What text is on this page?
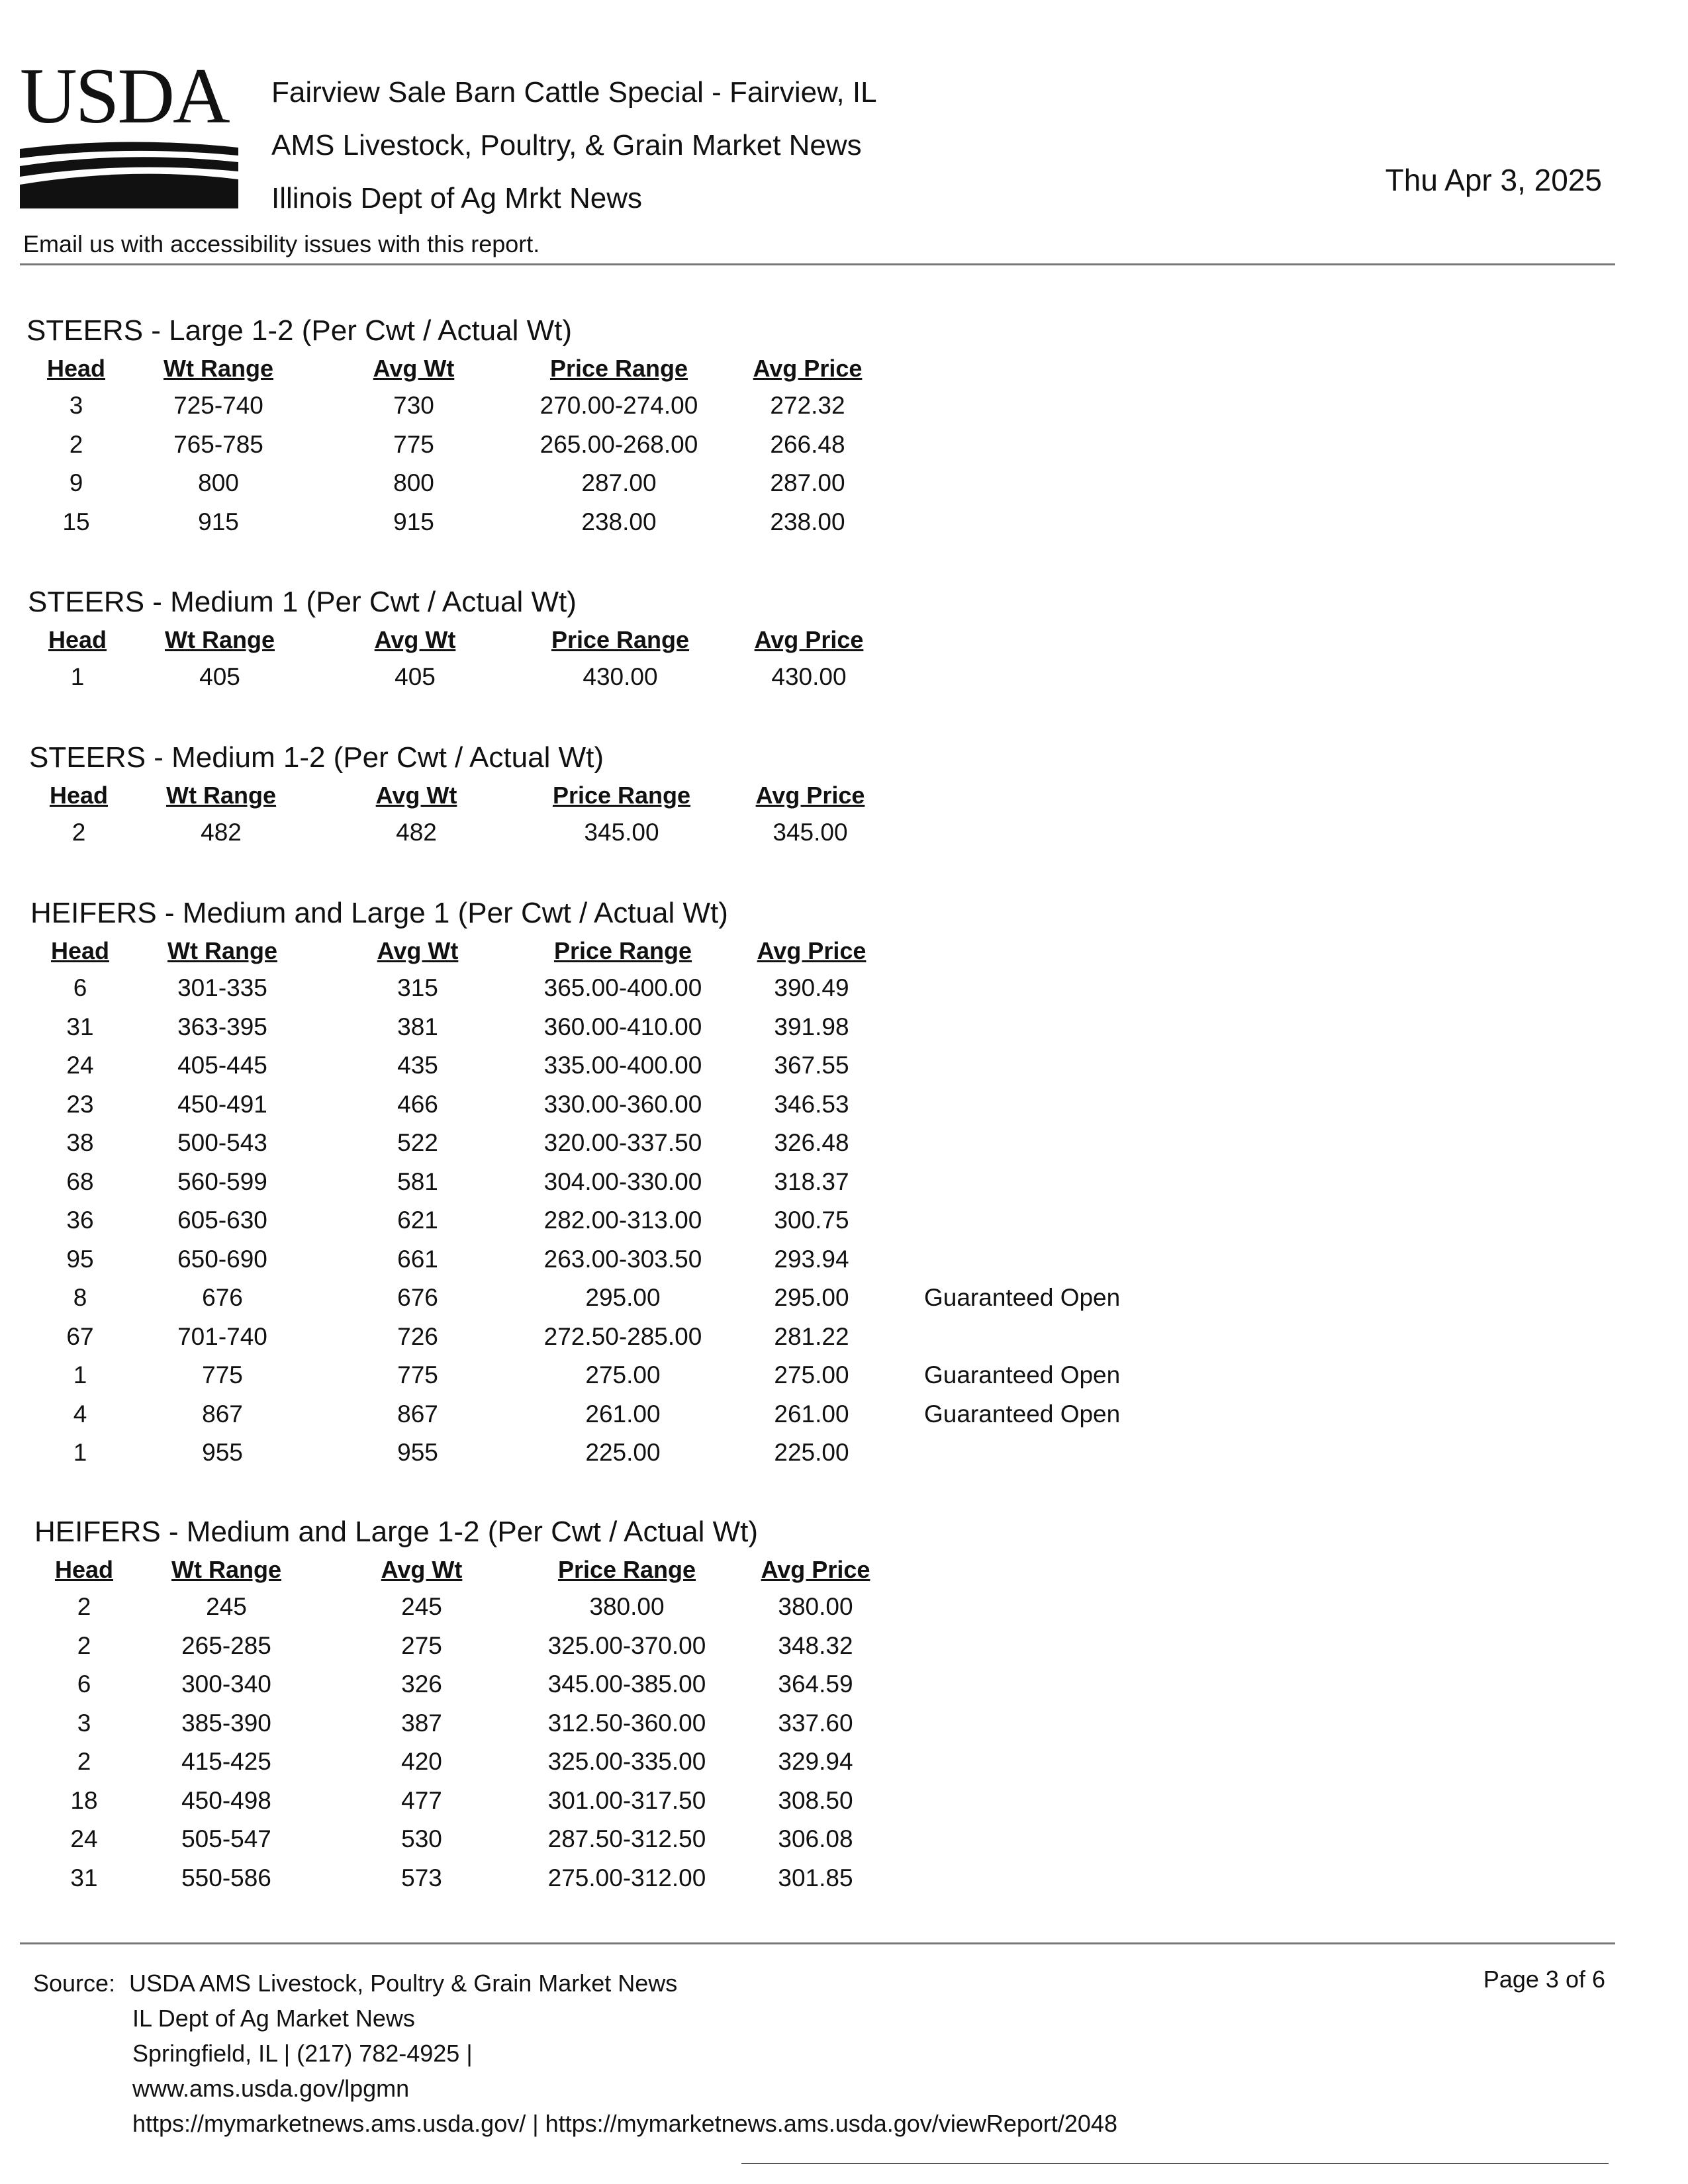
USDA Fairview Sale Barn Cattle Special - Fairview, IL
AMS Livestock, Poultry, & Grain Market News
Illinois Dept of Ag Mrkt News
Thu Apr 3, 2025
Email us with accessibility issues with this report.
STEERS - Large 1-2 (Per Cwt / Actual Wt)
Head	Wt Range	Avg Wt	Price Range	Avg Price
3	725-740	730	270.00-274.00	272.32
2	765-785	775	265.00-268.00	266.48
9	800	800	287.00	287.00
15	915	915	238.00	238.00
STEERS - Medium 1 (Per Cwt / Actual Wt)
Head	Wt Range	Avg Wt	Price Range	Avg Price
1	405	405	430.00	430.00
STEERS - Medium 1-2 (Per Cwt / Actual Wt)
Head	Wt Range	Avg Wt	Price Range	Avg Price
2	482	482	345.00	345.00
HEIFERS - Medium and Large 1 (Per Cwt / Actual Wt)
Head	Wt Range	Avg Wt	Price Range	Avg Price
6	301-335	315	365.00-400.00	390.49
31	363-395	381	360.00-410.00	391.98
24	405-445	435	335.00-400.00	367.55
23	450-491	466	330.00-360.00	346.53
38	500-543	522	320.00-337.50	326.48
68	560-599	581	304.00-330.00	318.37
36	605-630	621	282.00-313.00	300.75
95	650-690	661	263.00-303.50	293.94
8	676	676	295.00	295.00	Guaranteed Open
67	701-740	726	272.50-285.00	281.22
1	775	775	275.00	275.00	Guaranteed Open
4	867	867	261.00	261.00	Guaranteed Open
1	955	955	225.00	225.00
HEIFERS - Medium and Large 1-2 (Per Cwt / Actual Wt)
Head	Wt Range	Avg Wt	Price Range	Avg Price
2	245	245	380.00	380.00
2	265-285	275	325.00-370.00	348.32
6	300-340	326	345.00-385.00	364.59
3	385-390	387	312.50-360.00	337.60
2	415-425	420	325.00-335.00	329.94
18	450-498	477	301.00-317.50	308.50
24	505-547	530	287.50-312.50	306.08
31	550-586	573	275.00-312.00	301.85
Source: USDA AMS Livestock, Poultry & Grain Market News
IL Dept of Ag Market News
Springfield, IL | (217) 782-4925 |
www.ams.usda.gov/lpgmn
https://mymarketnews.ams.usda.gov/ | https://mymarketnews.ams.usda.gov/viewReport/2048
Page 3 of 6
